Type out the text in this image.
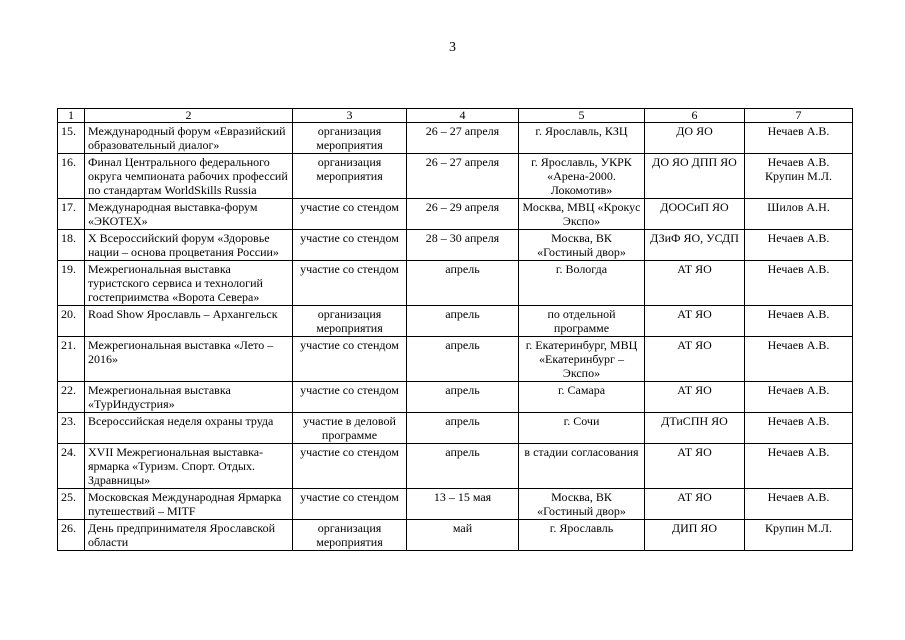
3
1	2	3	4	5	6	7
15.	Международный форум «Евразийский образовательный диалог»	организация мероприятия	26 – 27 апреля	г. Ярославль, КЗЦ	ДО ЯО	Нечаев А.В.
16.	Финал Центрального федерального округа чемпионата рабочих профессий по стандартам WorldSkills Russia	организация мероприятия	26 – 27 апреля	г. Ярославль, УКРК «Арена-2000. Локомотив»	ДО ЯО ДПП ЯО	Нечаев А.В. Крупин М.Л.
17.	Международная выставка-форум «ЭКОТЕХ»	участие со стендом	26 – 29 апреля	Москва, МВЦ «Крокус Экспо»	ДООСиП ЯО	Шилов А.Н.
18.	X Всероссийский форум «Здоровье нации – основа процветания России»	участие со стендом	28 – 30 апреля	Москва, ВК «Гостиный двор»	ДЗиФ ЯО, УСДП	Нечаев А.В.
19.	Межрегиональная выставка туристского сервиса и технологий гостеприимства «Ворота Севера»	участие со стендом	апрель	г. Вологда	АТ ЯО	Нечаев А.В.
20.	Road Show Ярославль – Архангельск	организация мероприятия	апрель	по отдельной программе	АТ ЯО	Нечаев А.В.
21.	Межрегиональная выставка «Лето – 2016»	участие со стендом	апрель	г. Екатеринбург, МВЦ «Екатеринбург – Экспо»	АТ ЯО	Нечаев А.В.
22.	Межрегиональная выставка «ТурИндустрия»	участие со стендом	апрель	г. Самара	АТ ЯО	Нечаев А.В.
23.	Всероссийская неделя охраны труда	участие в деловой программе	апрель	г. Сочи	ДТиСПН ЯО	Нечаев А.В.
24.	XVII Межрегиональная выставка-ярмарка «Туризм. Спорт. Отдых. Здравницы»	участие со стендом	апрель	в стадии согласования	АТ ЯО	Нечаев А.В.
25.	Московская Международная Ярмарка путешествий – MITF	участие со стендом	13 – 15 мая	Москва, ВК «Гостиный двор»	АТ ЯО	Нечаев А.В.
26.	День предпринимателя Ярославской области	организация мероприятия	май	г. Ярославль	ДИП ЯО	Крупин М.Л.
